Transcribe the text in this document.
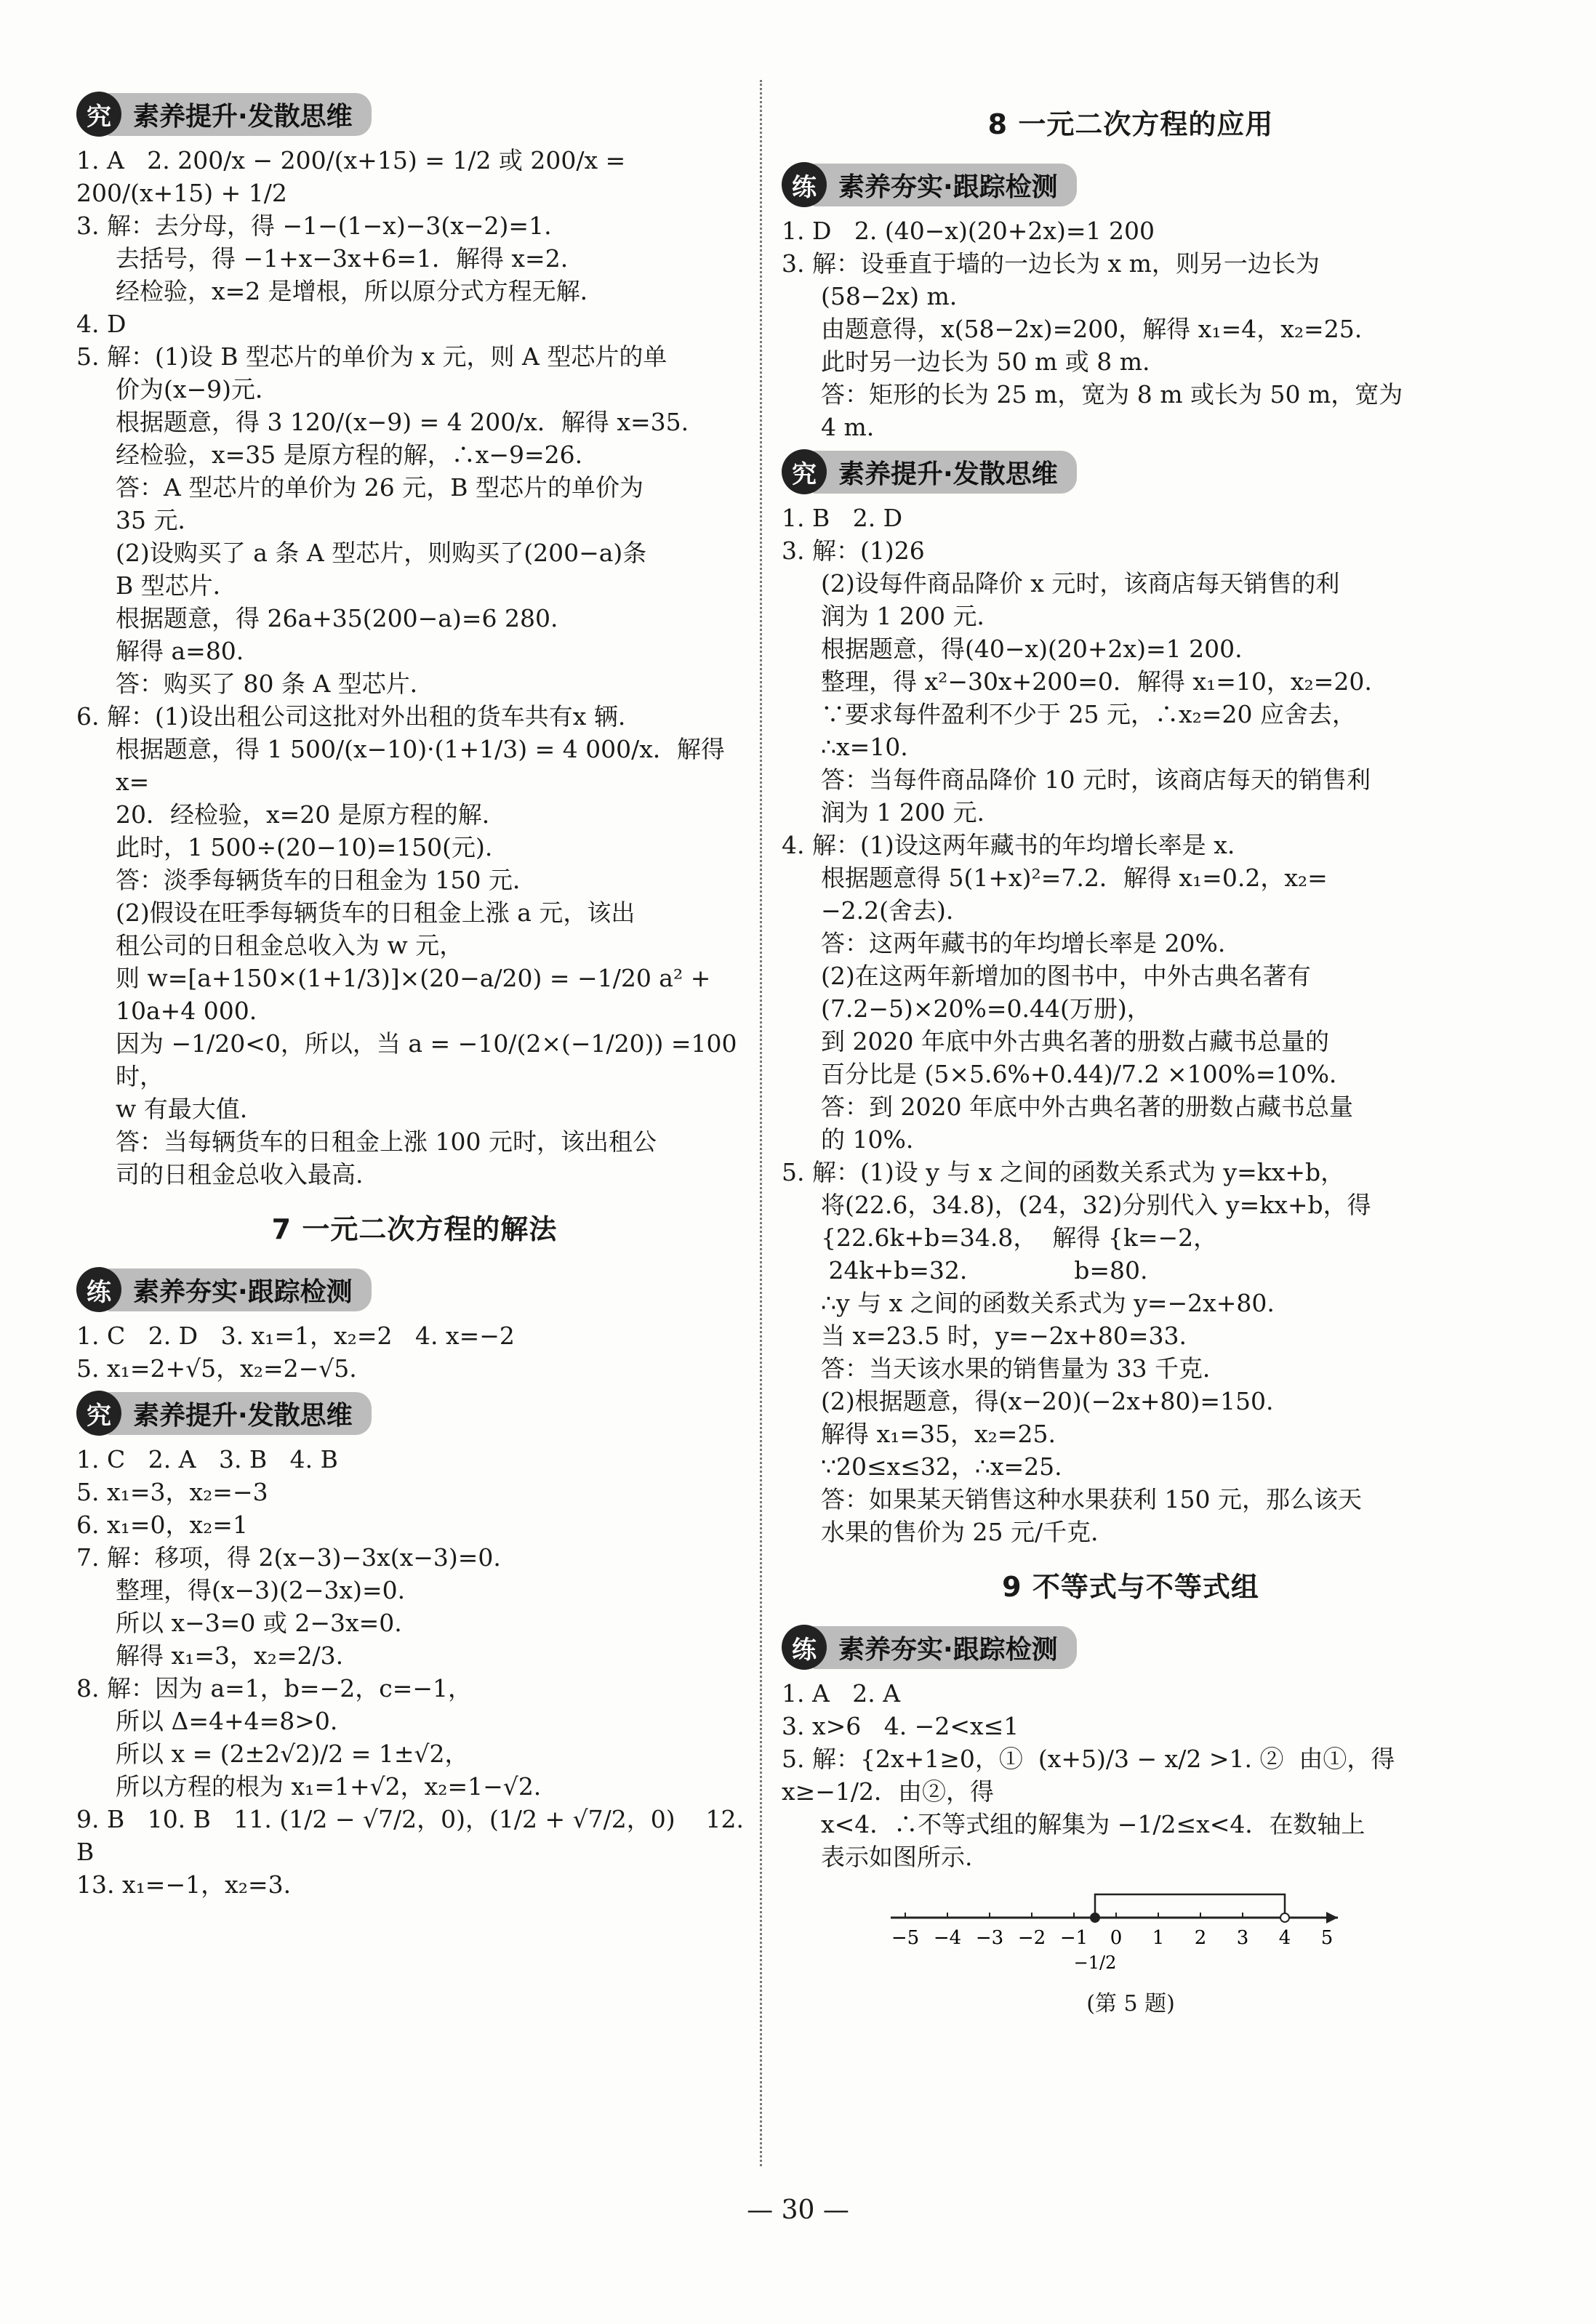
究 素养提升·发散思维

1. A   2. 200/x − 200/(x+15) = 1/2 或 200/x = 200/(x+15) + 1/2

3. 解：去分母，得 −1−(1−x)−3(x−2)=1.

去括号，得 −1+x−3x+6=1．解得 x=2.

经检验，x=2 是增根，所以原分式方程无解．

4. D

5. 解：(1)设 B 型芯片的单价为 x 元，则 A 型芯片的单

价为(x−9)元．

根据题意，得 3 120/(x−9) = 4 200/x．解得 x=35.

经检验，x=35 是原方程的解，∴x−9=26.

答：A 型芯片的单价为 26 元，B 型芯片的单价为

35 元．

(2)设购买了 a 条 A 型芯片，则购买了(200−a)条

B 型芯片．

根据题意，得 26a+35(200−a)=6 280.

解得 a=80.

答：购买了 80 条 A 型芯片．

6. 解：(1)设出租公司这批对外出租的货车共有x 辆.

根据题意，得 1 500/(x−10)·(1+1/3) = 4 000/x．解得 x=

20．经检验，x=20 是原方程的解.

此时，1 500÷(20−10)=150(元).

答：淡季每辆货车的日租金为 150 元．

(2)假设在旺季每辆货车的日租金上涨 a 元，该出

租公司的日租金总收入为 w 元，

则 w=[a+150×(1+1/3)]×(20−a/20) = −1/20 a² +

10a+4 000.

因为 −1/20<0，所以，当 a = −10/(2×(−1/20)) =100 时，

w 有最大值.

答：当每辆货车的日租金上涨 100 元时，该出租公

司的日租金总收入最高.

7 一元二次方程的解法
练 素养夯实·跟踪检测

1. C   2. D   3. x₁=1，x₂=2   4. x=−2

5. x₁=2+√5，x₂=2−√5.

究 素养提升·发散思维

1. C   2. A   3. B   4. B

5. x₁=3，x₂=−3

6. x₁=0，x₂=1

7. 解：移项，得 2(x−3)−3x(x−3)=0.

整理，得(x−3)(2−3x)=0.

所以 x−3=0 或 2−3x=0.

解得 x₁=3，x₂=2/3.

8. 解：因为 a=1，b=−2，c=−1，

所以 Δ=4+4=8>0.

所以 x = (2±2√2)/2 = 1±√2，

所以方程的根为 x₁=1+√2，x₂=1−√2.

9. B   10. B   11. (1/2 − √7/2，0)，(1/2 + √7/2，0)    12. B

13. x₁=−1，x₂=3.

8 一元二次方程的应用
练 素养夯实·跟踪检测

1. D   2. (40−x)(20+2x)=1 200

3. 解：设垂直于墙的一边长为 x m，则另一边长为

(58−2x) m.

由题意得，x(58−2x)=200，解得 x₁=4，x₂=25.

此时另一边长为 50 m 或 8 m.

答：矩形的长为 25 m，宽为 8 m 或长为 50 m，宽为

4 m.

究 素养提升·发散思维

1. B   2. D

3. 解：(1)26

(2)设每件商品降价 x 元时，该商店每天销售的利

润为 1 200 元．

根据题意，得(40−x)(20+2x)=1 200.

整理，得 x²−30x+200=0．解得 x₁=10，x₂=20.

∵要求每件盈利不少于 25 元，∴x₂=20 应舍去，

∴x=10.

答：当每件商品降价 10 元时，该商店每天的销售利

润为 1 200 元.

4. 解：(1)设这两年藏书的年均增长率是 x.

根据题意得 5(1+x)²=7.2．解得 x₁=0.2，x₂=

−2.2(舍去).

答：这两年藏书的年均增长率是 20%.

(2)在这两年新增加的图书中，中外古典名著有

(7.2−5)×20%=0.44(万册)，

到 2020 年底中外古典名著的册数占藏书总量的

百分比是 (5×5.6%+0.44)/7.2 ×100%=10%.

答：到 2020 年底中外古典名著的册数占藏书总量

的 10%.

5. 解：(1)设 y 与 x 之间的函数关系式为 y=kx+b，

将(22.6，34.8)，(24，32)分别代入 y=kx+b，得

{22.6k+b=34.8，  解得 {k=−2，

24k+b=32.              b=80.

∴y 与 x 之间的函数关系式为 y=−2x+80.

当 x=23.5 时，y=−2x+80=33.

答：当天该水果的销售量为 33 千克．

(2)根据题意，得(x−20)(−2x+80)=150.

解得 x₁=35，x₂=25.

∵20≤x≤32，∴x=25.

答：如果某天销售这种水果获利 150 元，那么该天

水果的售价为 25 元/千克．

9 不等式与不等式组
练 素养夯实·跟踪检测

1. A   2. A

3. x>6   4. −2<x≤1

5. 解：{2x+1≥0，①  (x+5)/3 − x/2 >1. ②  由①，得 x≥−1/2．由②，得

x<4．∴不等式组的解集为 −1/2≤x<4．在数轴上

表示如图所示.

−5 −4 −3 −2 −1 0 1 2 3 4 5
−1/2
(第 5 题)
— 30 —
